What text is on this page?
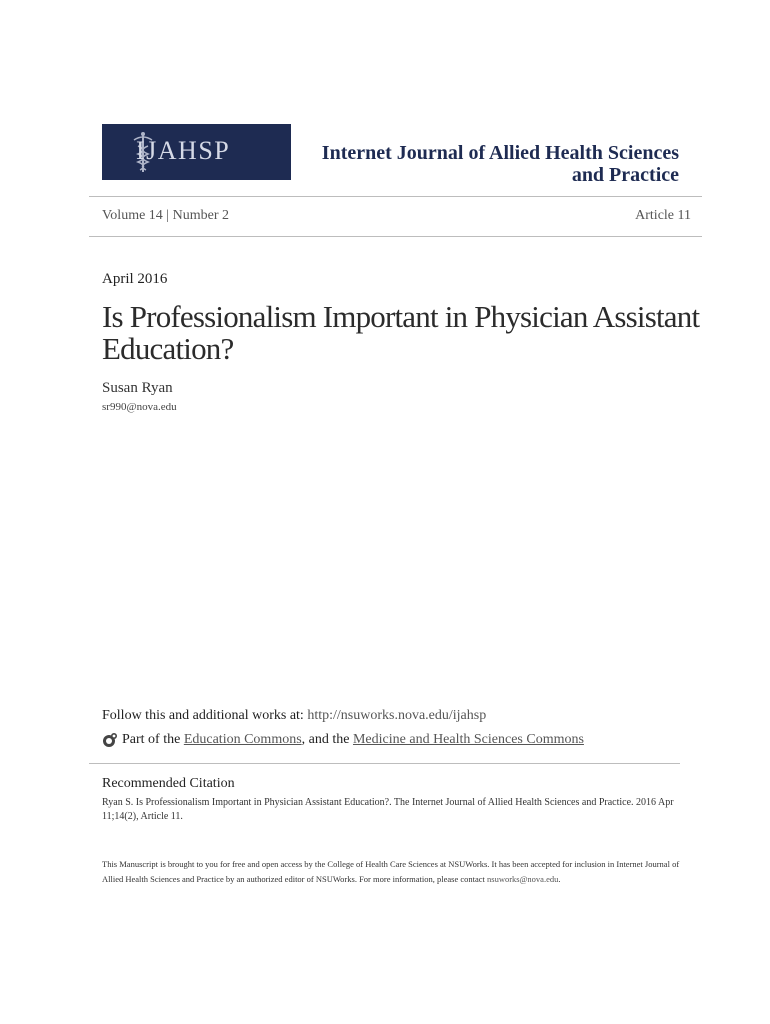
IJAHSP	Internet Journal of Allied Health Sciences
and Practice
Volume 14 | Number 2	Article 11
April 2016
Is Professionalism Important in Physician Assistant Education?
Susan Ryan
sr990@nova.edu
Follow this and additional works at: http://nsuworks.nova.edu/ijahsp
Part of the
Education Commons , and the
Medicine and Health Sciences Commons
Recommended Citation
Ryan S. Is Professionalism Important in Physician Assistant Education?. The Internet Journal of Allied Health Sciences and Practice. 2016 Apr 11;14(2), Article 11.
This Manuscript is brought to you for free and open access by the College of Health Care Sciences at NSUWorks. It has been accepted for inclusion in Internet Journal of Allied Health Sciences and Practice by an authorized editor of NSUWorks. For more information, please contact nsuworks@nova.edu.
